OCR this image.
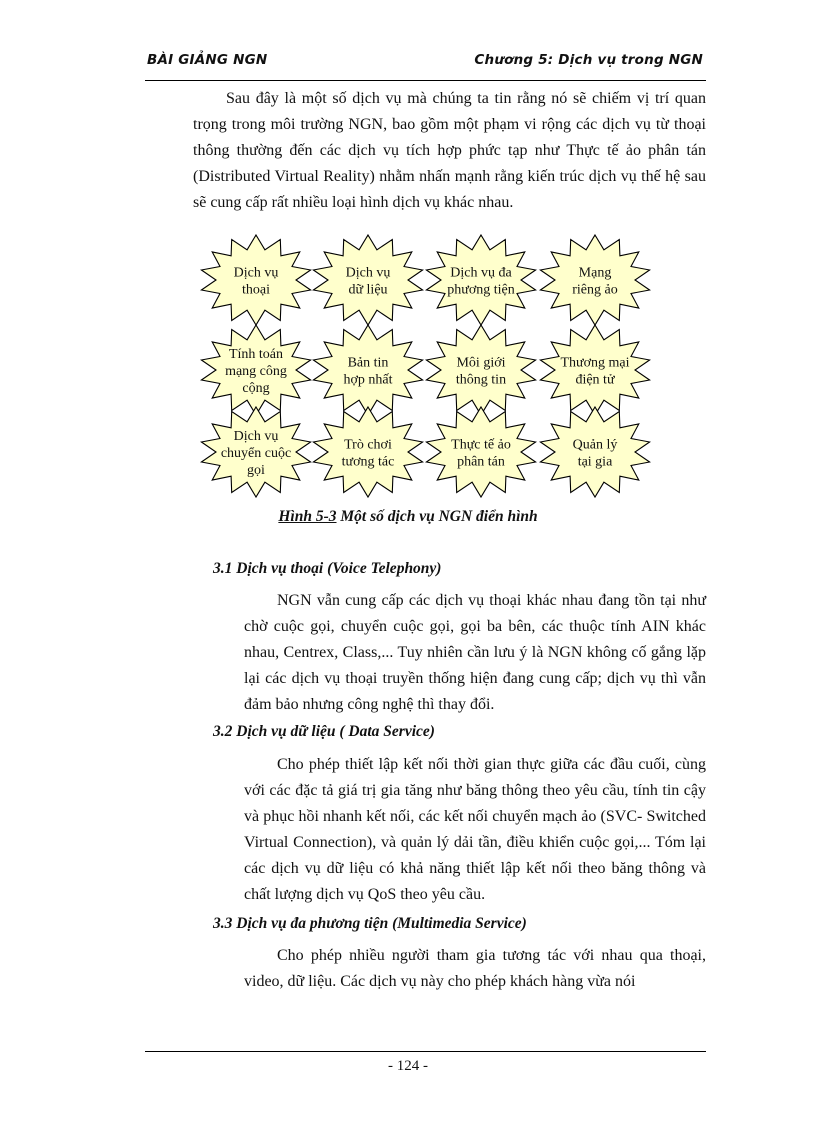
BÀI GIẢNG NGN	Chương 5: Dịch vụ trong NGN

Sau đây là một số dịch vụ mà chúng ta tin rằng nó sẽ chiếm vị trí quan trọng trong môi trường NGN, bao gồm một phạm vi rộng các dịch vụ từ thoại thông thường đến các dịch vụ tích hợp phức tạp như Thực tế ảo phân tán (Distributed Virtual Reality) nhằm nhấn mạnh rằng kiến trúc dịch vụ thế hệ sau sẽ cung cấp rất nhiều loại hình dịch vụ khác nhau.

Dịch vụ
thoại
Dịch vụ
dữ liệu
Dịch vụ đa
phương tiện
Mạng
riêng ảo
Tính toán
mạng công
cộng
Bản tin
hợp nhất
Môi giới
thông tin
Thương mại
điện tử
Dịch vụ
chuyển cuộc
gọi
Trò chơi
tương tác
Thực tế ảo
phân tán
Quản lý
tại gia
Hình 5-3 Một số dịch vụ NGN điển hình
3.1 Dịch vụ thoại (Voice Telephony)

NGN vẫn cung cấp các dịch vụ thoại khác nhau đang tồn tại như chờ cuộc gọi, chuyển cuộc gọi, gọi ba bên, các thuộc tính AIN khác nhau, Centrex, Class,... Tuy nhiên cần lưu ý là NGN không cố gắng lặp lại các dịch vụ thoại truyền thống hiện đang cung cấp; dịch vụ thì vẫn đảm bảo nhưng công nghệ thì thay đổi.

3.2 Dịch vụ dữ liệu ( Data Service)

Cho phép thiết lập kết nối thời gian thực giữa các đầu cuối, cùng với các đặc tả giá trị gia tăng như băng thông theo yêu cầu, tính tin cậy và phục hồi nhanh kết nối, các kết nối chuyển mạch ảo (SVC- Switched Virtual Connection), và quản lý dải tần, điều khiển cuộc gọi,... Tóm lại các dịch vụ dữ liệu có khả năng thiết lập kết nối theo băng thông và chất lượng dịch vụ QoS theo yêu cầu.

3.3 Dịch vụ đa phương tiện (Multimedia Service)

Cho phép nhiều người tham gia tương tác với nhau qua thoại, video, dữ liệu. Các dịch vụ này cho phép khách hàng vừa nói

- 124 -
